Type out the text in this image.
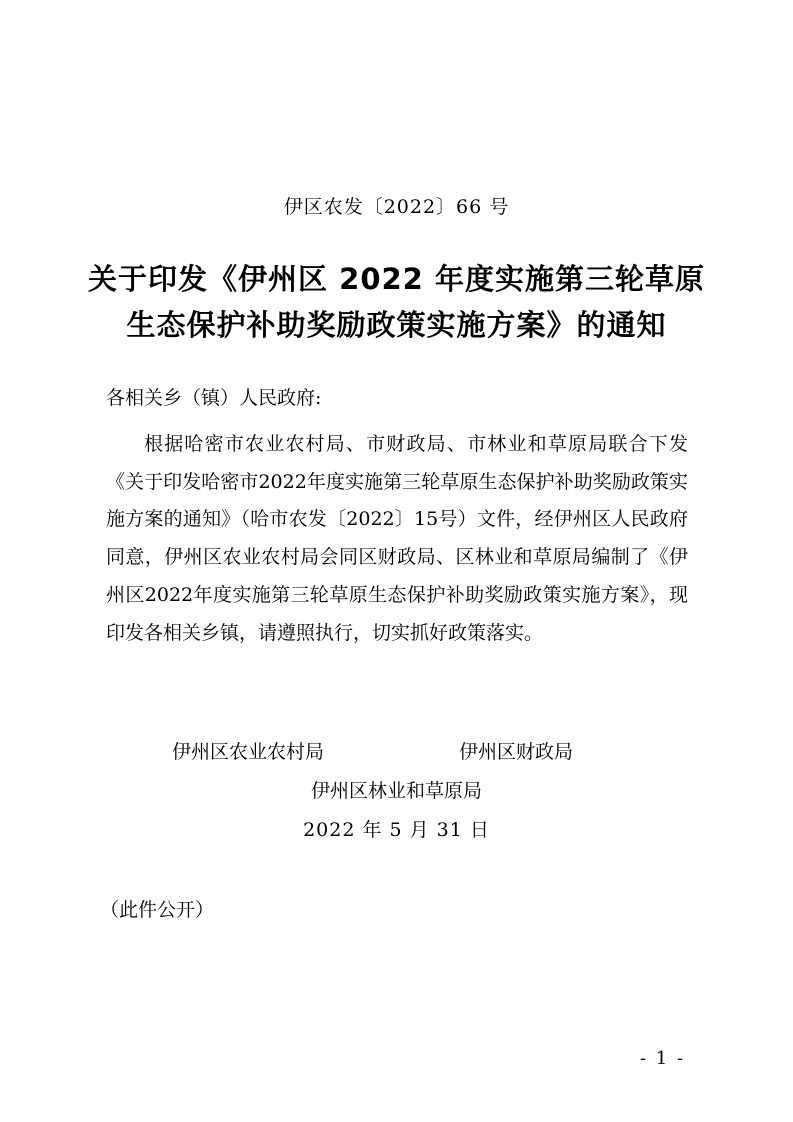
伊区农发〔2022〕66 号
关于印发《伊州区 2022 年度实施第三轮草原
生态保护补助奖励政策实施方案》的通知
各相关乡（镇）人民政府:

根据哈密市农业农村局、市财政局、市林业和草原局联合下发《关于印发哈密市2022年度实施第三轮草原生态保护补助奖励政策实施方案的通知》（哈市农发〔2022〕15号）文件，经伊州区人民政府同意，伊州区农业农村局会同区财政局、区林业和草原局编制了《伊州区2022年度实施第三轮草原生态保护补助奖励政策实施方案》，现印发各相关乡镇，请遵照执行，切实抓好政策落实。

伊州区农业农村局	伊州区财政局
伊州区林业和草原局
2022 年 5 月 31 日
（此件公开）
- 1 -
